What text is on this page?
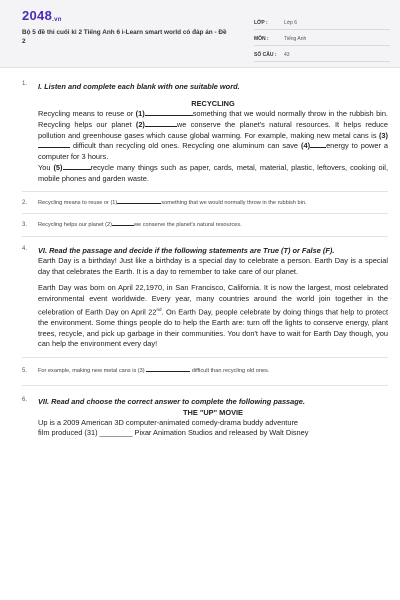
2048.vn
Bộ 5 đề thi cuối kì 2 Tiếng Anh 6 i-Learn smart world có đáp án - Đề 2
LỚP :	Lớp 6
MÔN :	Tiếng Anh
SỐ CÂU :	43
1. I. Listen and complete each blank with one suitable word.
RECYCLING

Recycling means to reuse or (1)	something that we would normally throw in the rubbish bin. Recycling helps our planet (2)	we conserve the planet's natural resources. It helps reduce pollution and greenhouse gases which cause global warming. For example, making new metal cans is (3) difficult than recycling old ones. Recycling one aluminum can save (4) energy to power a computer for 3 hours.

You (5)	recycle many things such as paper, cards, metal, material, plastic, leftovers, cooking oil, mobile phones and garden waste.

2. Recycling means to reuse or (1)	something that we would normally throw in the rubbish bin.

3. Recycling helps our planet (2)	we conserve the planet's natural resources.

4. VI. Read the passage and decide if the following statements are True (T) or False (F).

Earth Day is a birthday! Just like a birthday is a special day to celebrate a person. Earth Day is a special day that celebrates the Earth. It is a day to remember to take care of our planet.

Earth Day was born on April 22,1970, in San Francisco, California. It is now the largest, most celebrated environmental event worldwide. Every year, many countries around the world join together in the celebration of Earth Day on April 22nd. On Earth Day, people celebrate by doing things that help to protect the environment. Some things people do to help the Earth are: turn off the lights to conserve energy, plant trees, recycle, and pick up garbage in their communities. You don't have to wait for Earth Day though, you can help the environment every day!

5. For example, making new metal cans is (3)	difficult than recycling old ones.

6. VII. Read and choose the correct answer to complete the following passage.
THE "UP" MOVIE

Up is a 2009 American 3D computer-animated comedy-drama buddy adventure

film produced (31) ________ Pixar Animation Studios and released by Walt Disney
